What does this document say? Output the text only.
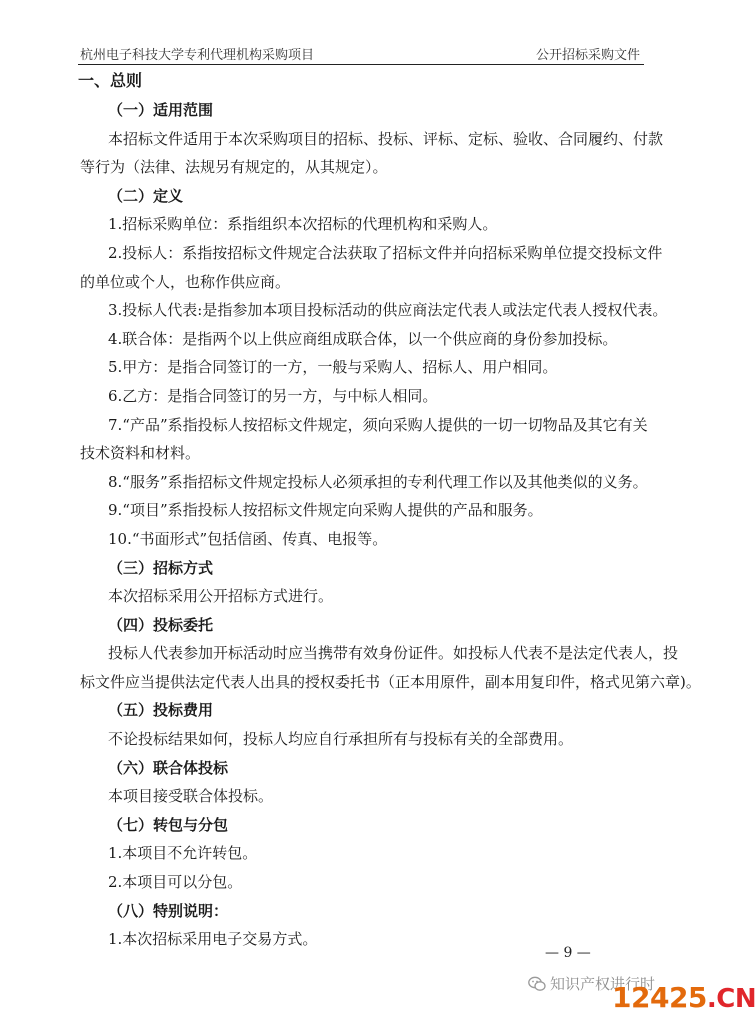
杭州电子科技大学专利代理机构采购项目	公开招标采购文件
一、总则
（一）适用范围
本招标文件适用于本次采购项目的招标、投标、评标、定标、验收、合同履约、付款
等行为（法律、法规另有规定的，从其规定）。
（二）定义
1.招标采购单位：系指组织本次招标的代理机构和采购人。
2.投标人：系指按招标文件规定合法获取了招标文件并向招标采购单位提交投标文件
的单位或个人，也称作供应商。
3.投标人代表:是指参加本项目投标活动的供应商法定代表人或法定代表人授权代表。
4.联合体：是指两个以上供应商组成联合体，以一个供应商的身份参加投标。
5.甲方：是指合同签订的一方，一般与采购人、招标人、用户相同。
6.乙方：是指合同签订的另一方，与中标人相同。
7.“产品”系指投标人按招标文件规定，须向采购人提供的一切一切物品及其它有关
技术资料和材料。
8.“服务”系指招标文件规定投标人必须承担的专利代理工作以及其他类似的义务。
9.“项目”系指投标人按招标文件规定向采购人提供的产品和服务。
10.“书面形式”包括信函、传真、电报等。
（三）招标方式
本次招标采用公开招标方式进行。
（四）投标委托
投标人代表参加开标活动时应当携带有效身份证件。如投标人代表不是法定代表人，投
标文件应当提供法定代表人出具的授权委托书（正本用原件，副本用复印件，格式见第六章)。
（五）投标费用
不论投标结果如何，投标人均应自行承担所有与投标有关的全部费用。
（六）联合体投标
本项目接受联合体投标。
（七）转包与分包
1.本项目不允许转包。
2.本项目可以分包。
（八）特别说明：
1.本次招标采用电子交易方式。
— 9 —
知识产权进行时
12425.CN
